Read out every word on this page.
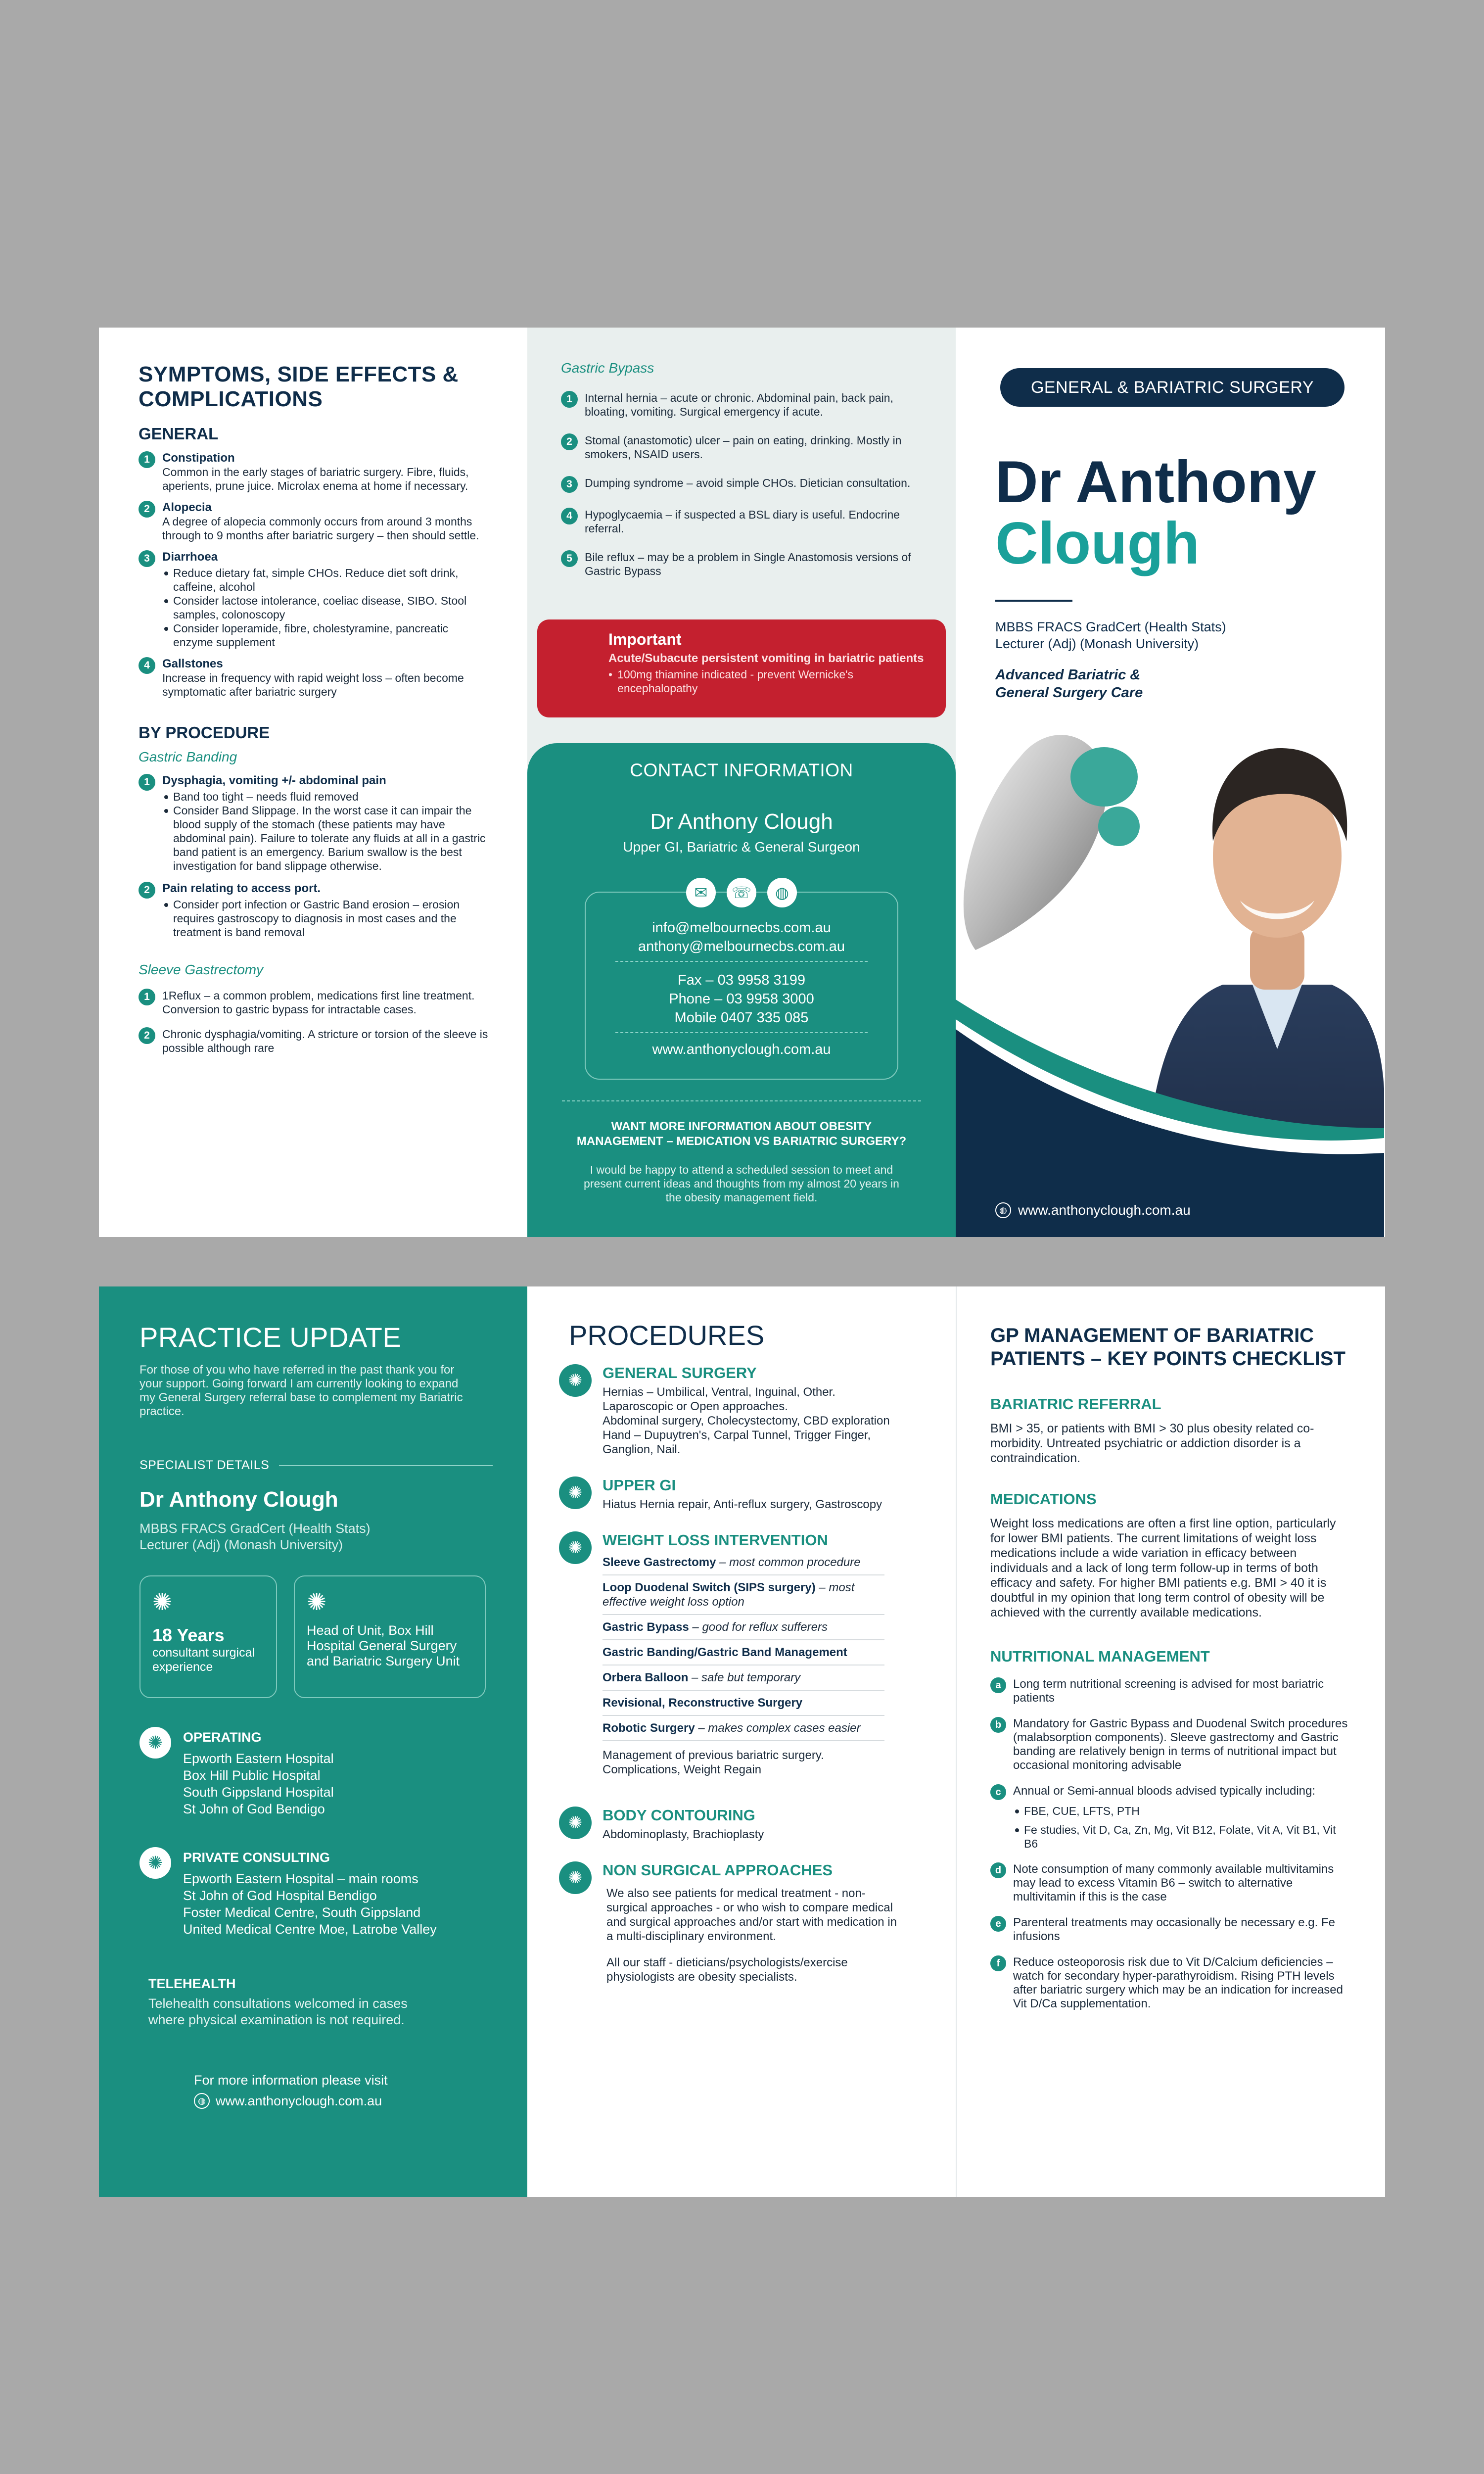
SYMPTOMS, SIDE EFFECTS & COMPLICATIONS
GENERAL
1	Constipation
Common in the early stages of bariatric surgery. Fibre, fluids, aperients, prune juice. Microlax enema at home if necessary.
2	Alopecia
A degree of alopecia commonly occurs from around 3 months through to 9 months after bariatric surgery – then should settle.
3	Diarrhoea
Reduce dietary fat, simple CHOs. Reduce diet soft drink, caffeine, alcohol
Consider lactose intolerance, coeliac disease, SIBO. Stool samples, colonoscopy
Consider loperamide, fibre, cholestyramine, pancreatic enzyme supplement
4	Gallstones
Increase in frequency with rapid weight loss – often become symptomatic after bariatric surgery
BY PROCEDURE
Gastric Banding
1	Dysphagia, vomiting +/- abdominal pain
Band too tight – needs fluid removed
Consider Band Slippage. In the worst case it can impair the blood supply of the stomach (these patients may have abdominal pain). Failure to tolerate any fluids at all in a gastric band patient is an emergency. Barium swallow is the best investigation for band slippage otherwise.
2	Pain relating to access port.
Consider port infection or Gastric Band erosion – erosion requires gastroscopy to diagnosis in most cases and the treatment is band removal
Sleeve Gastrectomy
1	1Reflux – a common problem, medications first line treatment. Conversion to gastric bypass for intractable cases.
2	Chronic dysphagia/vomiting. A stricture or torsion of the sleeve is possible although rare
Gastric Bypass
1	Internal hernia – acute or chronic. Abdominal pain, back pain, bloating, vomiting. Surgical emergency if acute.
2	Stomal (anastomotic) ulcer – pain on eating, drinking. Mostly in smokers, NSAID users.
3	Dumping syndrome – avoid simple CHOs. Dietician consultation.
4	Hypoglycaemia – if suspected a BSL diary is useful. Endocrine referral.
5	Bile reflux – may be a problem in Single Anastomosis versions of Gastric Bypass
Important
Acute/Subacute persistent vomiting in bariatric patients
• 100mg thiamine indicated - prevent Wernicke's encephalopathy
CONTACT INFORMATION
Dr Anthony Clough
Upper GI, Bariatric & General Surgeon
✉	☏	◍
info@melbournecbs.com.au
anthony@melbournecbs.com.au
Fax – 03 9958 3199
Phone – 03 9958 3000
Mobile 0407 335 085
www.anthonyclough.com.au
WANT MORE INFORMATION ABOUT OBESITY MANAGEMENT – MEDICATION VS BARIATRIC SURGERY?
I would be happy to attend a scheduled session to meet and present current ideas and thoughts from my almost 20 years in the obesity management field.
GENERAL & BARIATRIC SURGERY
Dr Anthony
Clough
MBBS FRACS GradCert (Health Stats)
Lecturer (Adj) (Monash University)
Advanced Bariatric &
General Surgery Care
◍ www.anthonyclough.com.au
PRACTICE UPDATE
For those of you who have referred in the past thank you for your support. Going forward I am currently looking to expand my General Surgery referral base to complement my Bariatric practice.
SPECIALIST DETAILS
Dr Anthony Clough
MBBS FRACS GradCert (Health Stats)
Lecturer (Adj) (Monash University)
✺
18 Years
consultant surgical experience
✺
Head of Unit, Box Hill Hospital General Surgery and Bariatric Surgery Unit
✺	OPERATING
Epworth Eastern Hospital
Box Hill Public Hospital
South Gippsland Hospital
St John of God Bendigo
✺	PRIVATE CONSULTING
Epworth Eastern Hospital – main rooms
St John of God Hospital Bendigo
Foster Medical Centre, South Gippsland
United Medical Centre Moe, Latrobe Valley
TELEHEALTH
Telehealth consultations welcomed in cases where physical examination is not required.
For more information please visit
◍ www.anthonyclough.com.au
PROCEDURES
✺	GENERAL SURGERY
Hernias – Umbilical, Ventral, Inguinal, Other.
Laparoscopic or Open approaches.
Abdominal surgery, Cholecystectomy, CBD exploration
Hand – Dupuytren's, Carpal Tunnel, Trigger Finger,
Ganglion, Nail.
✺	UPPER GI
Hiatus Hernia repair, Anti-reflux surgery, Gastroscopy
✺	WEIGHT LOSS INTERVENTION
Sleeve Gastrectomy – most common procedure
Loop Duodenal Switch (SIPS surgery) – most effective weight loss option
Gastric Bypass – good for reflux sufferers
Gastric Banding/Gastric Band Management
Orbera Balloon – safe but temporary
Revisional, Reconstructive Surgery
Robotic Surgery – makes complex cases easier
Management of previous bariatric surgery. Complications, Weight Regain
✺	BODY CONTOURING
Abdominoplasty, Brachioplasty
✺	NON SURGICAL APPROACHES
We also see patients for medical treatment - non-surgical approaches - or who wish to compare medical and surgical approaches and/or start with medication in a multi-disciplinary environment.
All our staff - dieticians/psychologists/exercise physiologists are obesity specialists.
GP MANAGEMENT OF BARIATRIC PATIENTS – KEY POINTS CHECKLIST
BARIATRIC REFERRAL

BMI > 35, or patients with BMI > 30 plus obesity related co-morbidity. Untreated psychiatric or addiction disorder is a contraindication.

MEDICATIONS

Weight loss medications are often a first line option, particularly for lower BMI patients. The current limitations of weight loss medications include a wide variation in efficacy between individuals and a lack of long term follow-up in terms of both efficacy and safety. For higher BMI patients e.g. BMI > 40 it is doubtful in my opinion that long term control of obesity will be achieved with the currently available medications.

NUTRITIONAL MANAGEMENT
a	Long term nutritional screening is advised for most bariatric patients
b Mandatory for Gastric Bypass and Duodenal Switch procedures (malabsorption components). Sleeve gastrectomy and Gastric banding are relatively benign in terms of nutritional impact but occasional monitoring advisable
c	Annual or Semi-annual bloods advised typically including:
FBE, CUE, LFTS, PTH
Fe studies, Vit D, Ca, Zn, Mg, Vit B12, Folate, Vit A, Vit B1, Vit B6
d Note consumption of many commonly available multivitamins may lead to excess Vitamin B6 – switch to alternative multivitamin if this is the case
e	Parenteral treatments may occasionally be necessary e.g. Fe infusions
f	Reduce osteoporosis risk due to Vit D/Calcium deficiencies – watch for secondary hyper-parathyroidism. Rising PTH levels after bariatric surgery which may be an indication for increased Vit D/Ca supplementation.
